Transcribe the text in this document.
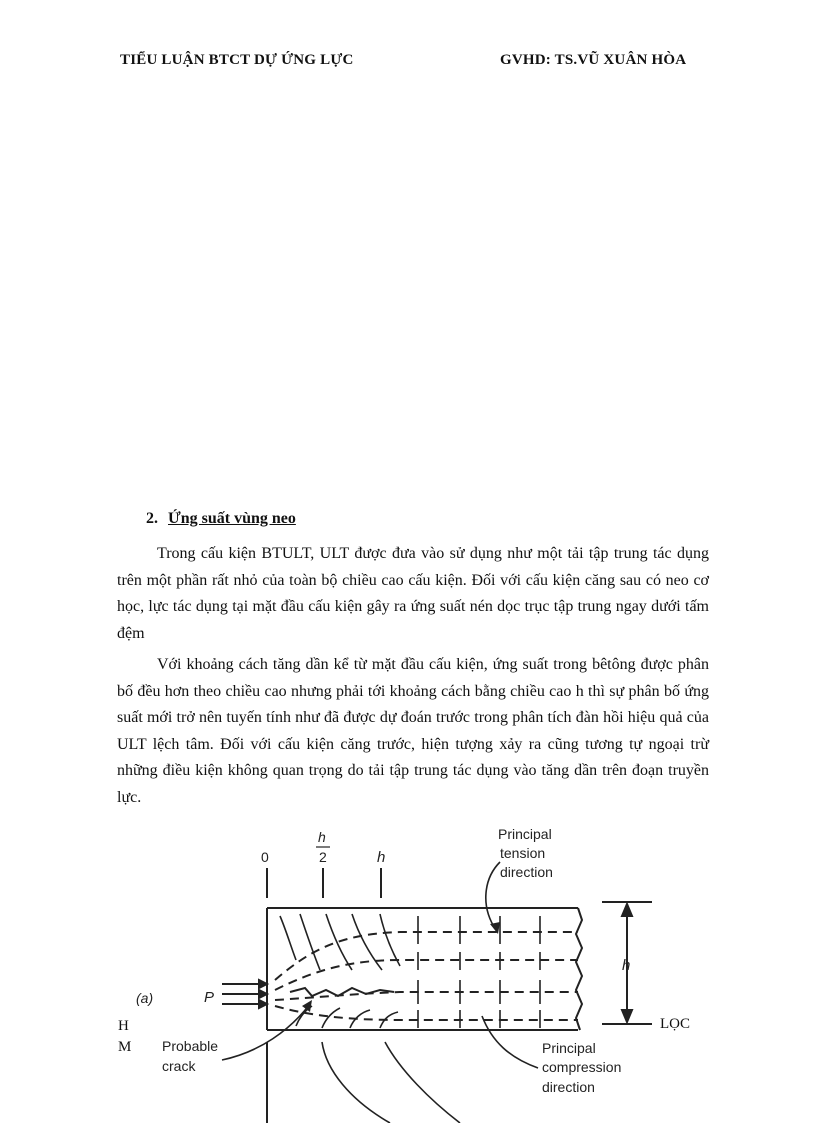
TIỂU LUẬN BTCT DỰ ỨNG LỰC	GVHD: TS.VŨ XUÂN HÒA
2. Ứng suất vùng neo

Trong cấu kiện BTULT, ULT được đưa vào sử dụng như một tải tập trung tác dụng trên một phần rất nhỏ của toàn bộ chiều cao cấu kiện. Đối với cấu kiện căng sau có neo cơ học, lực tác dụng tại mặt đầu cấu kiện gây ra ứng suất nén dọc trục tập trung ngay dưới tấm đệm

Với khoảng cách tăng dần kể từ mặt đầu cấu kiện, ứng suất trong bêtông được phân bố đều hơn theo chiều cao nhưng phải tới khoảng cách bằng chiều cao h thì sự phân bố ứng suất mới trở nên tuyến tính như đã được dự đoán trước trong phân tích đàn hồi hiệu quả của ULT lệch tâm. Đối với cấu kiện căng trước, hiện tượng xảy ra cũng tương tự ngoại trừ những điều kiện không quan trọng do tải tập trung tác dụng vào tăng dần trên đoạn truyền lực.

0
h
2	h
(a)	P
h
Principal
tension
direction
Principal
compression
direction
Probable
crack
H
M
LỌC
